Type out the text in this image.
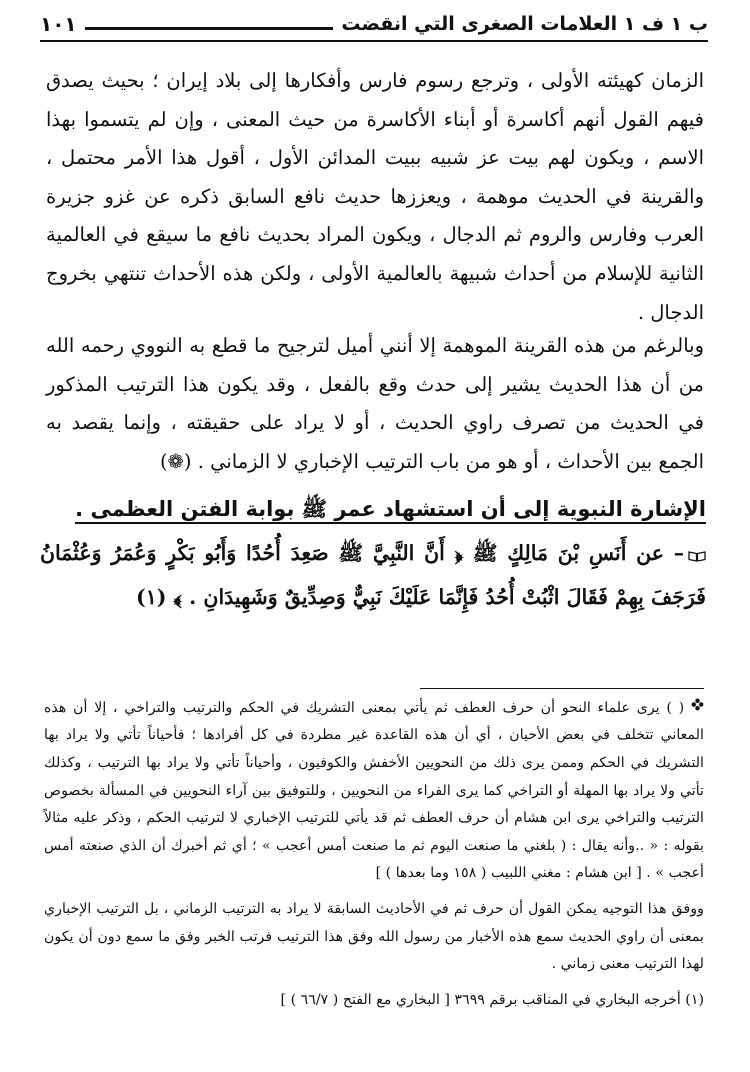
ب ١ ف ١ العلامات الصغرى التي انقضت
١٠١

الزمان كهيئته الأولى ، وترجع رسوم فارس وأفكارها إلى بلاد إيران ؛ بحيث يصدق فيهم القول أنهم أكاسرة أو أبناء الأكاسرة من حيث المعنى ، وإن لم يتسموا بهذا الاسم ، ويكون لهم بيت عز شبيه ببيت المدائن الأول ، أقول هذا الأمر محتمل ، والقرينة في الحديث موهمة ، ويعززها حديث نافع السابق ذكره عن غزو جزيرة العرب وفارس والروم ثم الدجال ، ويكون المراد بحديث نافع ما سيقع في العالمية الثانية للإسلام من أحداث شبيهة بالعالمية الأولى ، ولكن هذه الأحداث تنتهي بخروج الدجال .

وبالرغم من هذه القرينة الموهمة إلا أنني أميل لترجيح ما قطع به النووي رحمه الله من أن هذا الحديث يشير إلى حدث وقع بالفعل ، وقد يكون هذا الترتيب المذكور في الحديث من تصرف راوي الحديث ، أو لا يراد على حقيقته ، وإنما يقصد به الجمع بين الأحداث ، أو هو من باب الترتيب الإخباري لا الزماني . (❁)

الإشارة النبوية إلى أن استشهاد عمر ﷺ بوابة الفتن العظمى .

– عن أَنَسِ بْنَ مَالِكٍ ﷺ ﴿ أَنَّ النَّبِيَّ ﷺ صَعِدَ أُحُدًا وَأَبُو بَكْرٍ وَعُمَرُ وَعُثْمَانُ فَرَجَفَ بِهِمْ فَقَالَ اثْبُتْ أُحُدُ فَإِنَّمَا عَلَيْكَ نَبِيٌّ وَصِدِّيقٌ وَشَهِيدَانِ . ﴾ (١)

( ) يرى علماء النحو أن حرف العطف ثم يأتي بمعنى التشريك في الحكم والترتيب والتراخي ، إلا أن هذه المعاني تتخلف في بعض الأحيان ، أي أن هذه القاعدة غير مطردة في كل أفرادها ؛ فأحياناً تأتي ولا يراد بها التشريك في الحكم وممن يرى ذلك من النحويين الأخفش والكوفيون ، وأحياناً تأتي ولا يراد بها الترتيب ، وكذلك تأتي ولا يراد بها المهلة أو التراخي كما يرى الفراء من النحويين ، وللتوفيق بين آراء النحويين في المسألة بخصوص الترتيب والتراخي يرى ابن هشام أن حرف العطف ثم قد يأتي للترتيب الإخباري لا لترتيب الحكم ، وذكر عليه مثالاً بقوله : « ..وأنه يقال : ( بلغني ما صنعت اليوم ثم ما صنعت أمس أعجب » ؛ أي ثم أخبرك أن الذي صنعته أمس أعجب » . [ ابن هشام : مغني اللبيب ( ١٥٨ وما بعدها ) ]

ووفق هذا التوجيه يمكن القول أن حرف ثم في الأحاديث السابقة لا يراد به الترتيب الزماني ، بل الترتيب الإخباري بمعنى أن راوي الحديث سمع هذه الأخبار من رسول الله وفق هذا الترتيب فرتب الخبر وفق ما سمع دون أن يكون لهذا الترتيب معنى زماني .

(١) أخرجه البخاري في المناقب برقم ٣٦٩٩ [ البخاري مع الفتح ( ٦٦/٧ ) ]
